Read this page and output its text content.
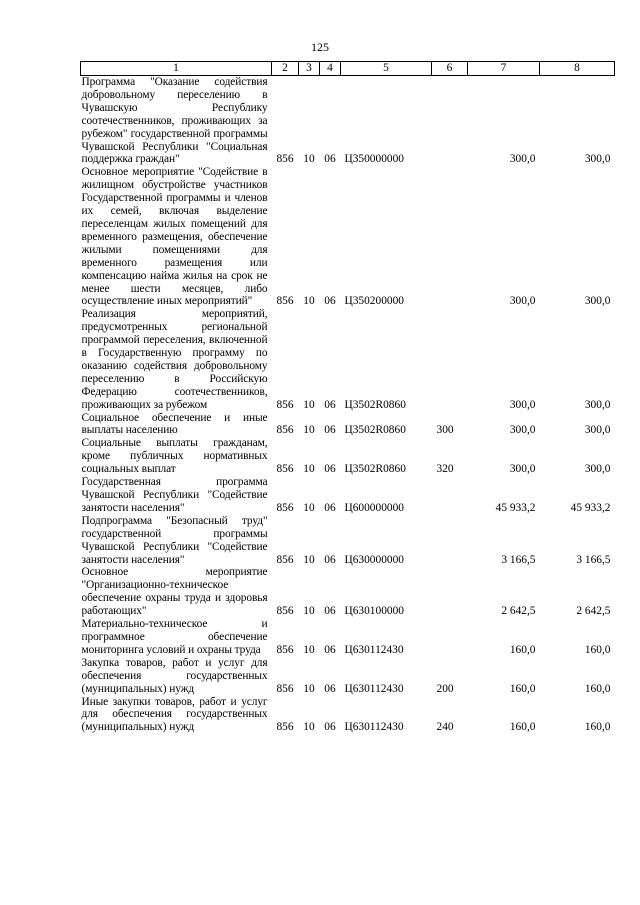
125
1	2	3	4	5	6	7	8
Программа "Оказание содействия добровольному переселению в Чувашскую Республику соотечественников, проживающих за рубежом" государственной программы Чувашской Республики "Социальная поддержка граждан"	856	10	06	Ц350000000		300,0	300,0
Основное мероприятие "Содействие в жилищном обустройстве участников Государственной программы и членов их семей, включая выделение переселенцам жилых помещений для временного размещения, обеспечение жилыми помещениями для временного размещения или компенсацию найма жилья на срок не менее шести месяцев, либо осуществление иных мероприятий"	856	10	06	Ц350200000		300,0	300,0
Реализация мероприятий, предусмотренных региональной программой переселения, включенной в Государственную программу по оказанию содействия добровольному переселению в Российскую Федерацию соотечественников, проживающих за рубежом	856	10	06	Ц3502R0860		300,0	300,0
Социальное обеспечение и иные выплаты населению	856	10	06	Ц3502R0860	300	300,0	300,0
Социальные выплаты гражданам, кроме публичных нормативных социальных выплат	856	10	06	Ц3502R0860	320	300,0	300,0
Государственная программа Чувашской Республики "Содействие занятости населения"	856	10	06	Ц600000000		45 933,2	45 933,2
Подпрограмма "Безопасный труд" государственной программы Чувашской Республики "Содействие занятости населения"	856	10	06	Ц630000000		3 166,5	3 166,5
Основное мероприятие "Организационно-техническое обеспечение охраны труда и здоровья работающих"	856	10	06	Ц630100000		2 642,5	2 642,5
Материально-техническое и программное обеспечение мониторинга условий и охраны труда	856	10	06	Ц630112430		160,0	160,0
Закупка товаров, работ и услуг для обеспечения государственных (муниципальных) нужд	856	10	06	Ц630112430	200	160,0	160,0
Иные закупки товаров, работ и услуг для обеспечения государственных (муниципальных) нужд	856	10	06	Ц630112430	240	160,0	160,0
